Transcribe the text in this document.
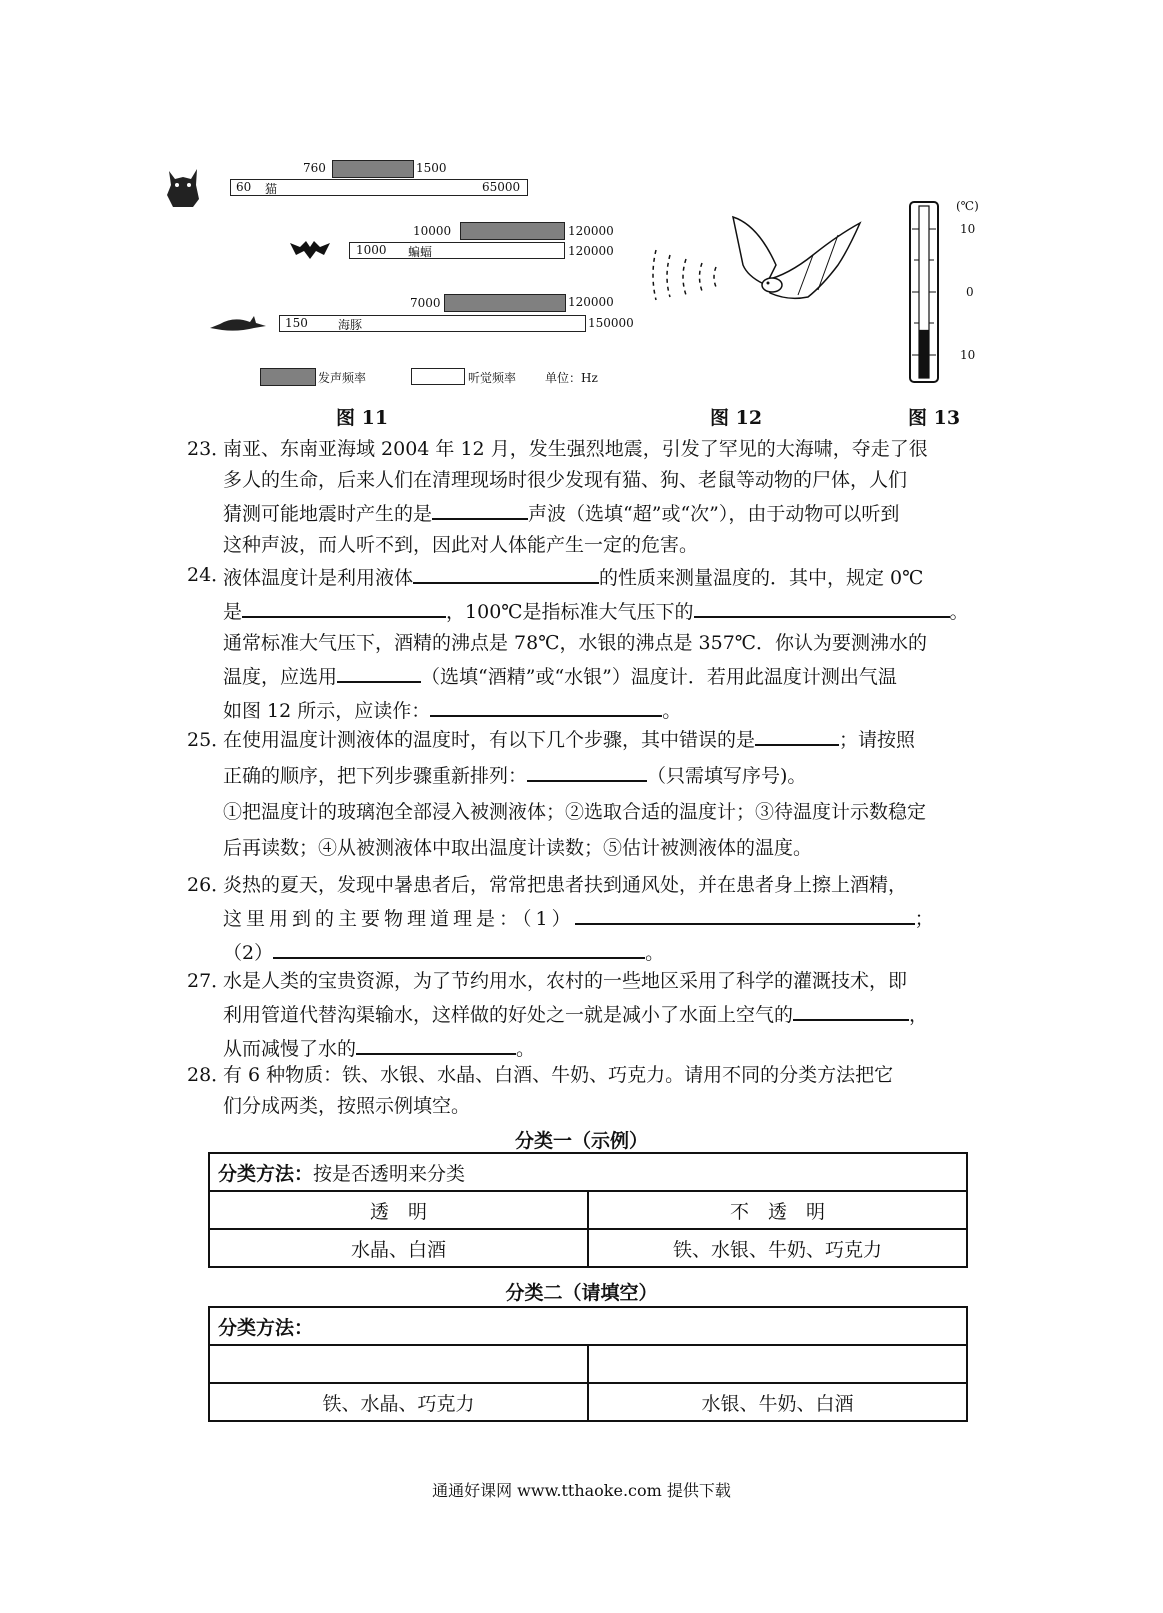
760	1500
60 猫	65000
10000	120000
1000 蝙蝠	120000
7000	120000
150	海豚	150000
发声频率	听觉频率 单位：Hz
图 11	图 12
(℃)
10
0
10
图 13
23．
南亚、东南亚海域 2004 年 12 月，发生强烈地震，引发了罕见的大海啸，夺走了很
多人的生命，后来人们在清理现场时很少发现有猫、狗、老鼠等动物的尸体，人们
猜测可能地震时产生的是	声波（选填“超”或“次”），由于动物可以听到
这种声波，而人听不到，因此对人体能产生一定的危害。
24．
液体温度计是利用液体	的性质来测量温度的．其中，规定 0℃
是	，100℃是指标准大气压下的	。
通常标准大气压下，酒精的沸点是 78℃，水银的沸点是 357℃．你认为要测沸水的
温度，应选用	（选填“酒精”或“水银”）温度计．若用此温度计测出气温
如图 12 所示，应读作：	。
25．
在使用温度计测液体的温度时，有以下几个步骤，其中错误的是	；请按照
正确的顺序，把下列步骤重新排列：	（只需填写序号)。
①把温度计的玻璃泡全部浸入被测液体；②选取合适的温度计；③待温度计示数稳定
后再读数；④从被测液体中取出温度计读数；⑤估计被测液体的温度。
26．
炎热的夏天，发现中暑患者后，常常把患者扶到通风处，并在患者身上擦上酒精，
这里用到的主要物理道理是：（1）	；
（2）	。
27．
水是人类的宝贵资源，为了节约用水，农村的一些地区采用了科学的灌溉技术，即
利用管道代替沟渠输水，这样做的好处之一就是减小了水面上空气的	，
从而减慢了水的	。
28．
有 6 种物质：铁、水银、水晶、白酒、牛奶、巧克力。请用不同的分类方法把它
们分成两类，按照示例填空。
分类一（示例）
分类方法：按是否透明来分类	
透　明	不　透　明
水晶、白酒	铁、水银、牛奶、巧克力
分类二（请填空）
分类方法：	

铁、水晶、巧克力	水银、牛奶、白酒
通通好课网 www.tthaoke.com 提供下载
